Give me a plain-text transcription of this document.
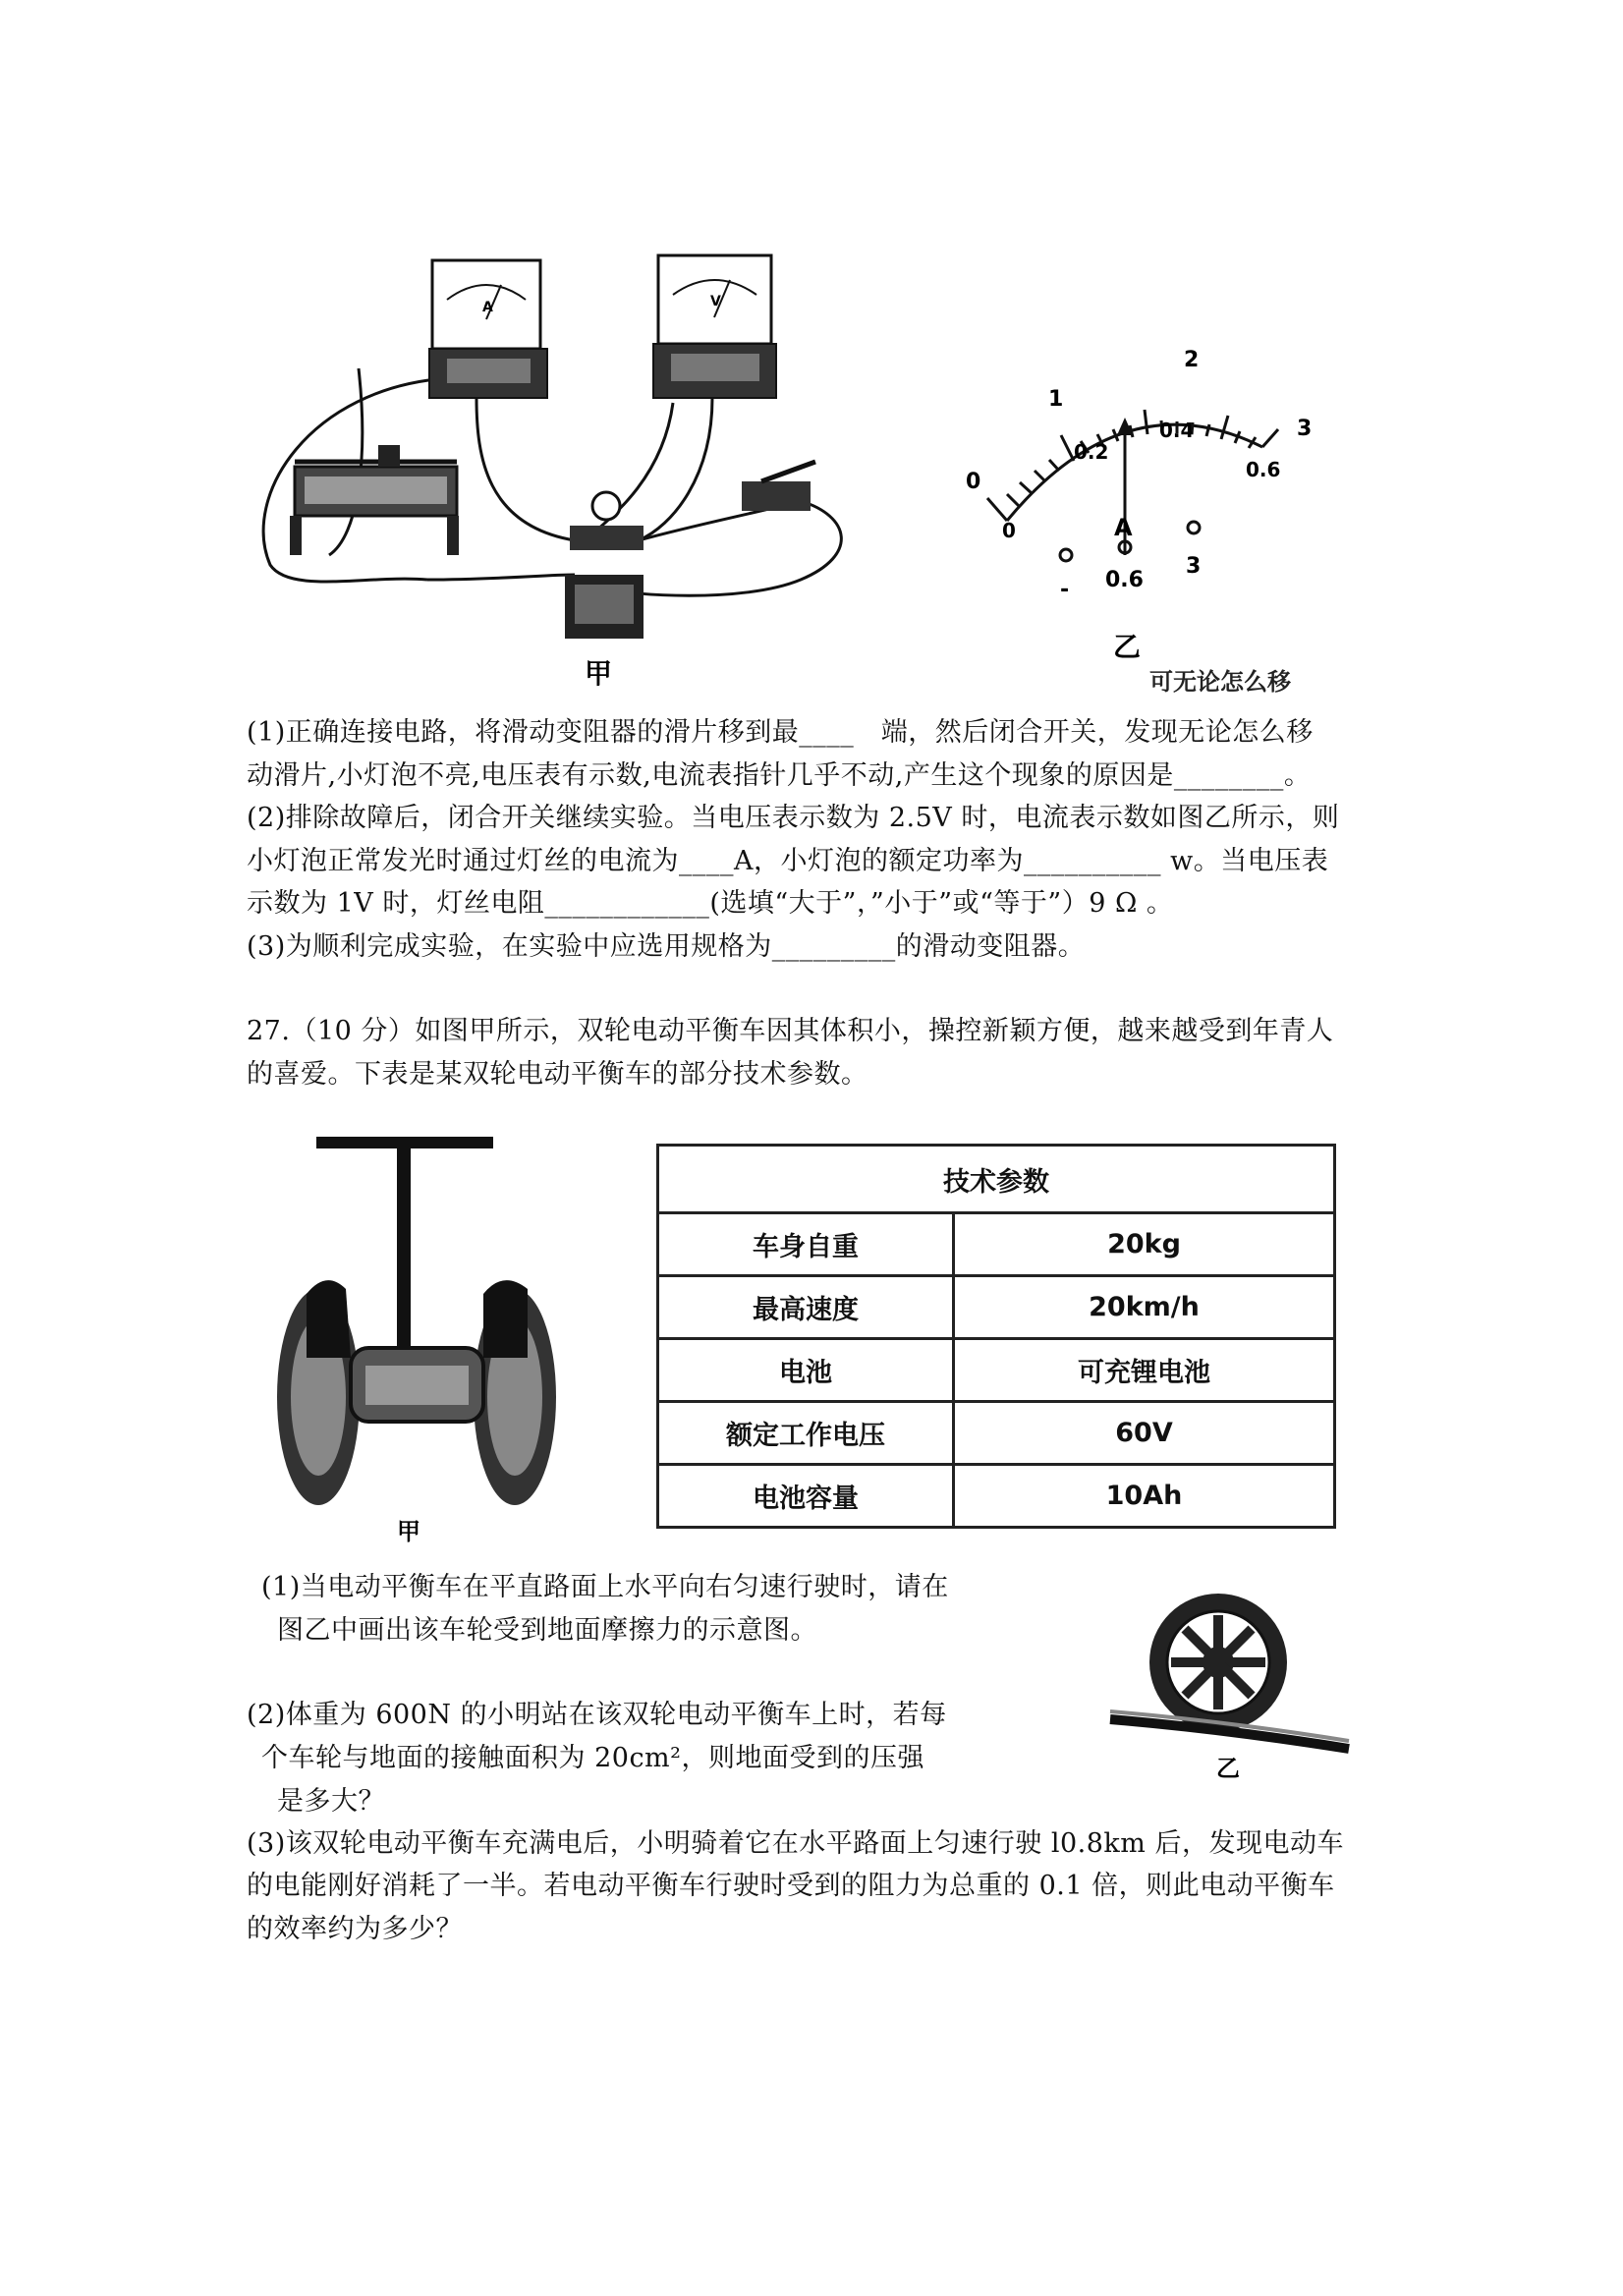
A	V
甲
0
1
2
3
0
0.2
0.4
0.6
A
- 0.6
3
乙
可无论怎么移
(1)正确连接电路，将滑动变阻器的滑片移到最____　端，然后闭合开关，发现无论怎么移
动滑片,小灯泡不亮,电压表有示数,电流表指针几乎不动,产生这个现象的原因是________。
(2)排除故障后，闭合开关继续实验。当电压表示数为 2.5V 时，电流表示数如图乙所示，则
小灯泡正常发光时通过灯丝的电流为____A，小灯泡的额定功率为__________ w。当电压表
示数为 1V 时，灯丝电阻____________(选填“大于”，”小于”或“等于”）9 Ω 。
(3)为顺利完成实验，在实验中应选用规格为_________的滑动变阻器。
27.（10 分）如图甲所示，双轮电动平衡车因其体积小，操控新颖方便，越来越受到年青人
的喜爱。下表是某双轮电动平衡车的部分技术参数。
甲
技术参数	
车身自重	20kg
最高速度	20km/h
电池	可充锂电池
额定工作电压	60V
电池容量	10Ah
(1)当电动平衡车在平直路面上水平向右匀速行驶时，请在
图乙中画出该车轮受到地面摩擦力的示意图。
(2)体重为 600N 的小明站在该双轮电动平衡车上时，若每
个车轮与地面的接触面积为 20cm²，则地面受到的压强
是多大？
乙
(3)该双轮电动平衡车充满电后，小明骑着它在水平路面上匀速行驶 l0.8km 后，发现电动车
的电能刚好消耗了一半。若电动平衡车行驶时受到的阻力为总重的 0.1 倍，则此电动平衡车
的效率约为多少？
